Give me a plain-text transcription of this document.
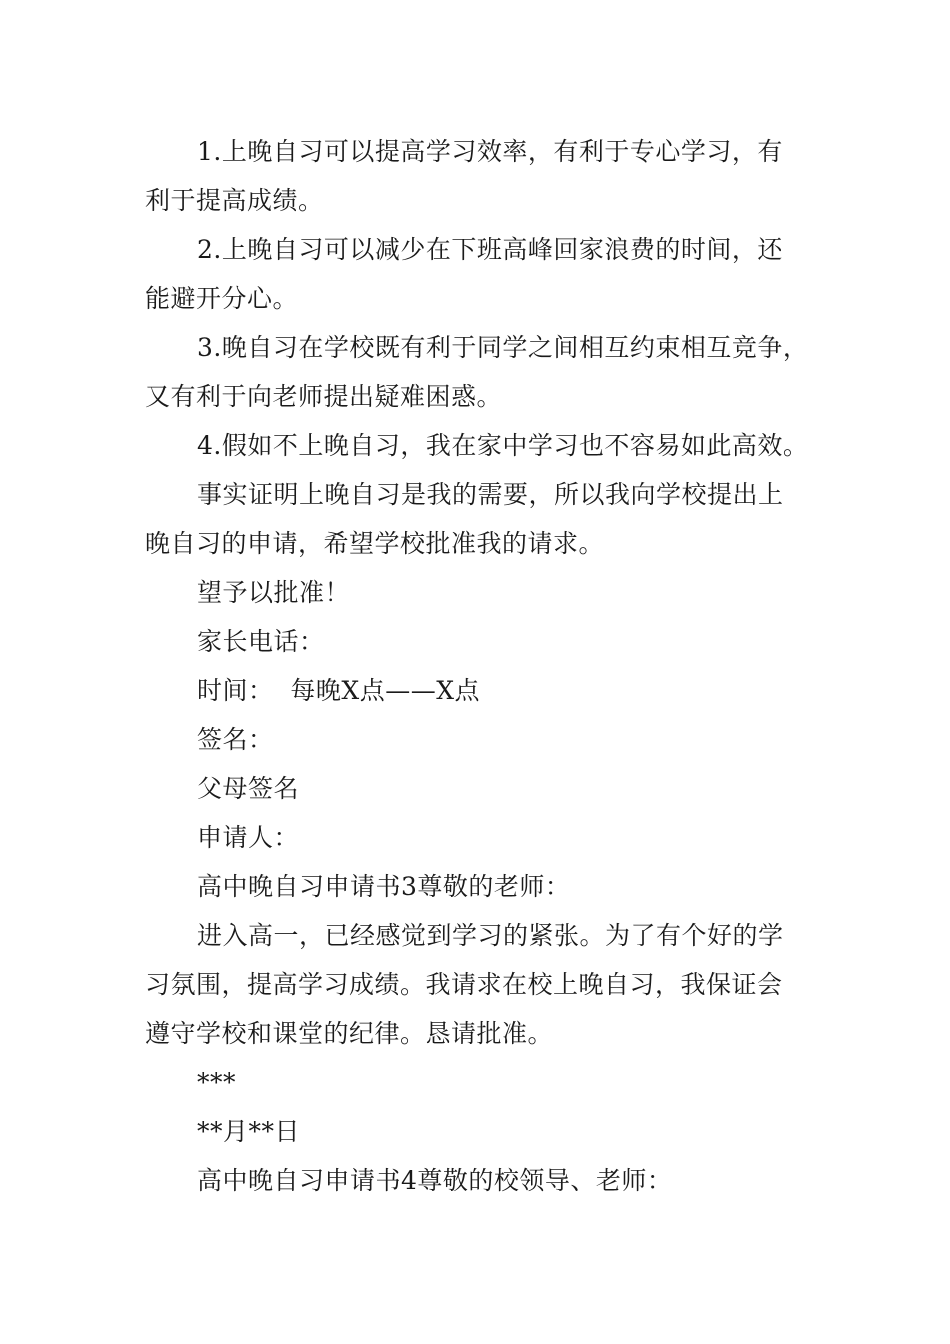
1.上晚自习可以提高学习效率，有利于专心学习，有
利于提高成绩。
2.上晚自习可以减少在下班高峰回家浪费的时间，还
能避开分心。
3.晚自习在学校既有利于同学之间相互约束相互竞争，
又有利于向老师提出疑难困惑。
4.假如不上晚自习，我在家中学习也不容易如此高效。
事实证明上晚自习是我的需要，所以我向学校提出上
晚自习的申请，希望学校批准我的请求。
望予以批准！
家长电话：
时间：  每晚X点——X点
签名：
父母签名
申请人：
高中晚自习申请书3尊敬的老师：
进入高一，已经感觉到学习的紧张。为了有个好的学
习氛围，提高学习成绩。我请求在校上晚自习，我保证会
遵守学校和课堂的纪律。恳请批准。
***
**月**日
高中晚自习申请书4尊敬的校领导、老师：
